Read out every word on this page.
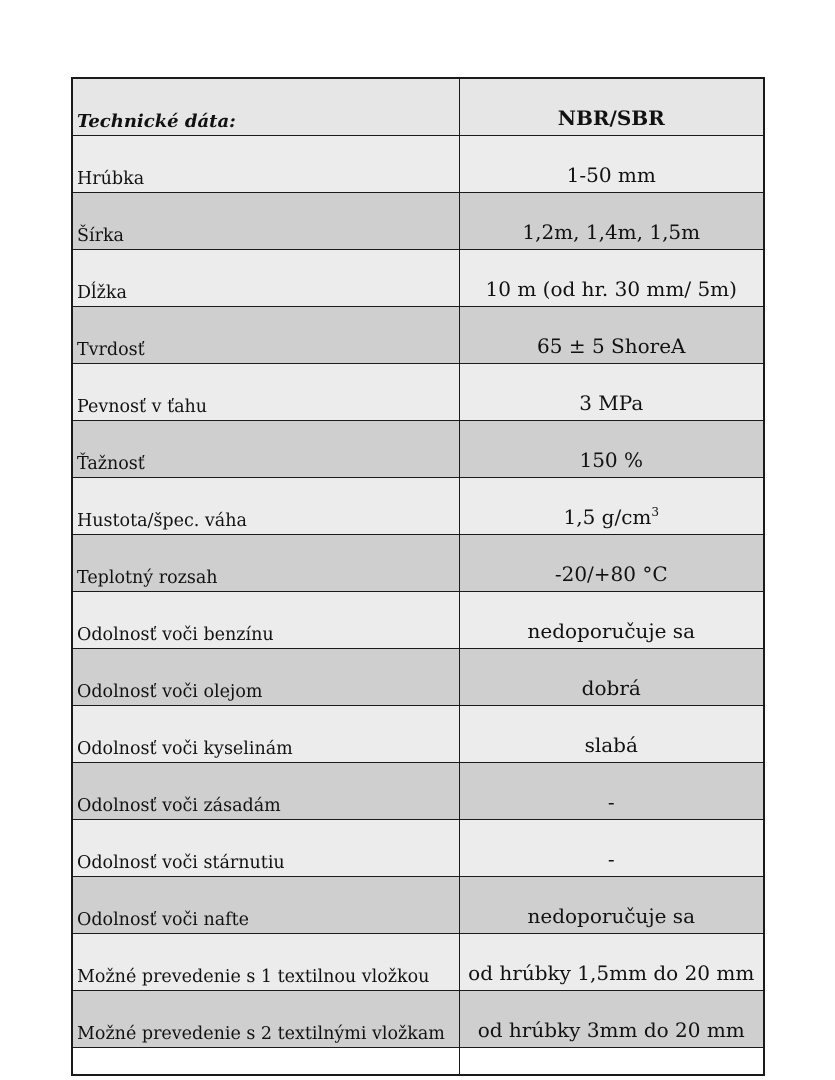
Technické dáta:	NBR/SBR
Hrúbka	1-50 mm
Šírka	1,2m, 1,4m, 1,5m
Dĺžka	10 m (od hr. 30 mm/ 5m)
Tvrdosť	65 ± 5 ShoreA
Pevnosť v ťahu	3 MPa
Ťažnosť	150 %
Hustota/špec. váha	1,5 $g/cm^3$
Teplotný rozsah	-20/+80 °C
Odolnosť voči benzínu	nedoporučuje sa
Odolnosť voči olejom	dobrá
Odolnosť voči kyselinám	slabá
Odolnosť voči zásadám	-
Odolnosť voči stárnutiu	-
Odolnosť voči nafte	nedoporučuje sa
Možné prevedenie s 1 textilnou vložkou	od hrúbky 1,5mm do 20 mm
Možné prevedenie s 2 textilnými vložkam	od hrúbky 3mm do 20 mm
